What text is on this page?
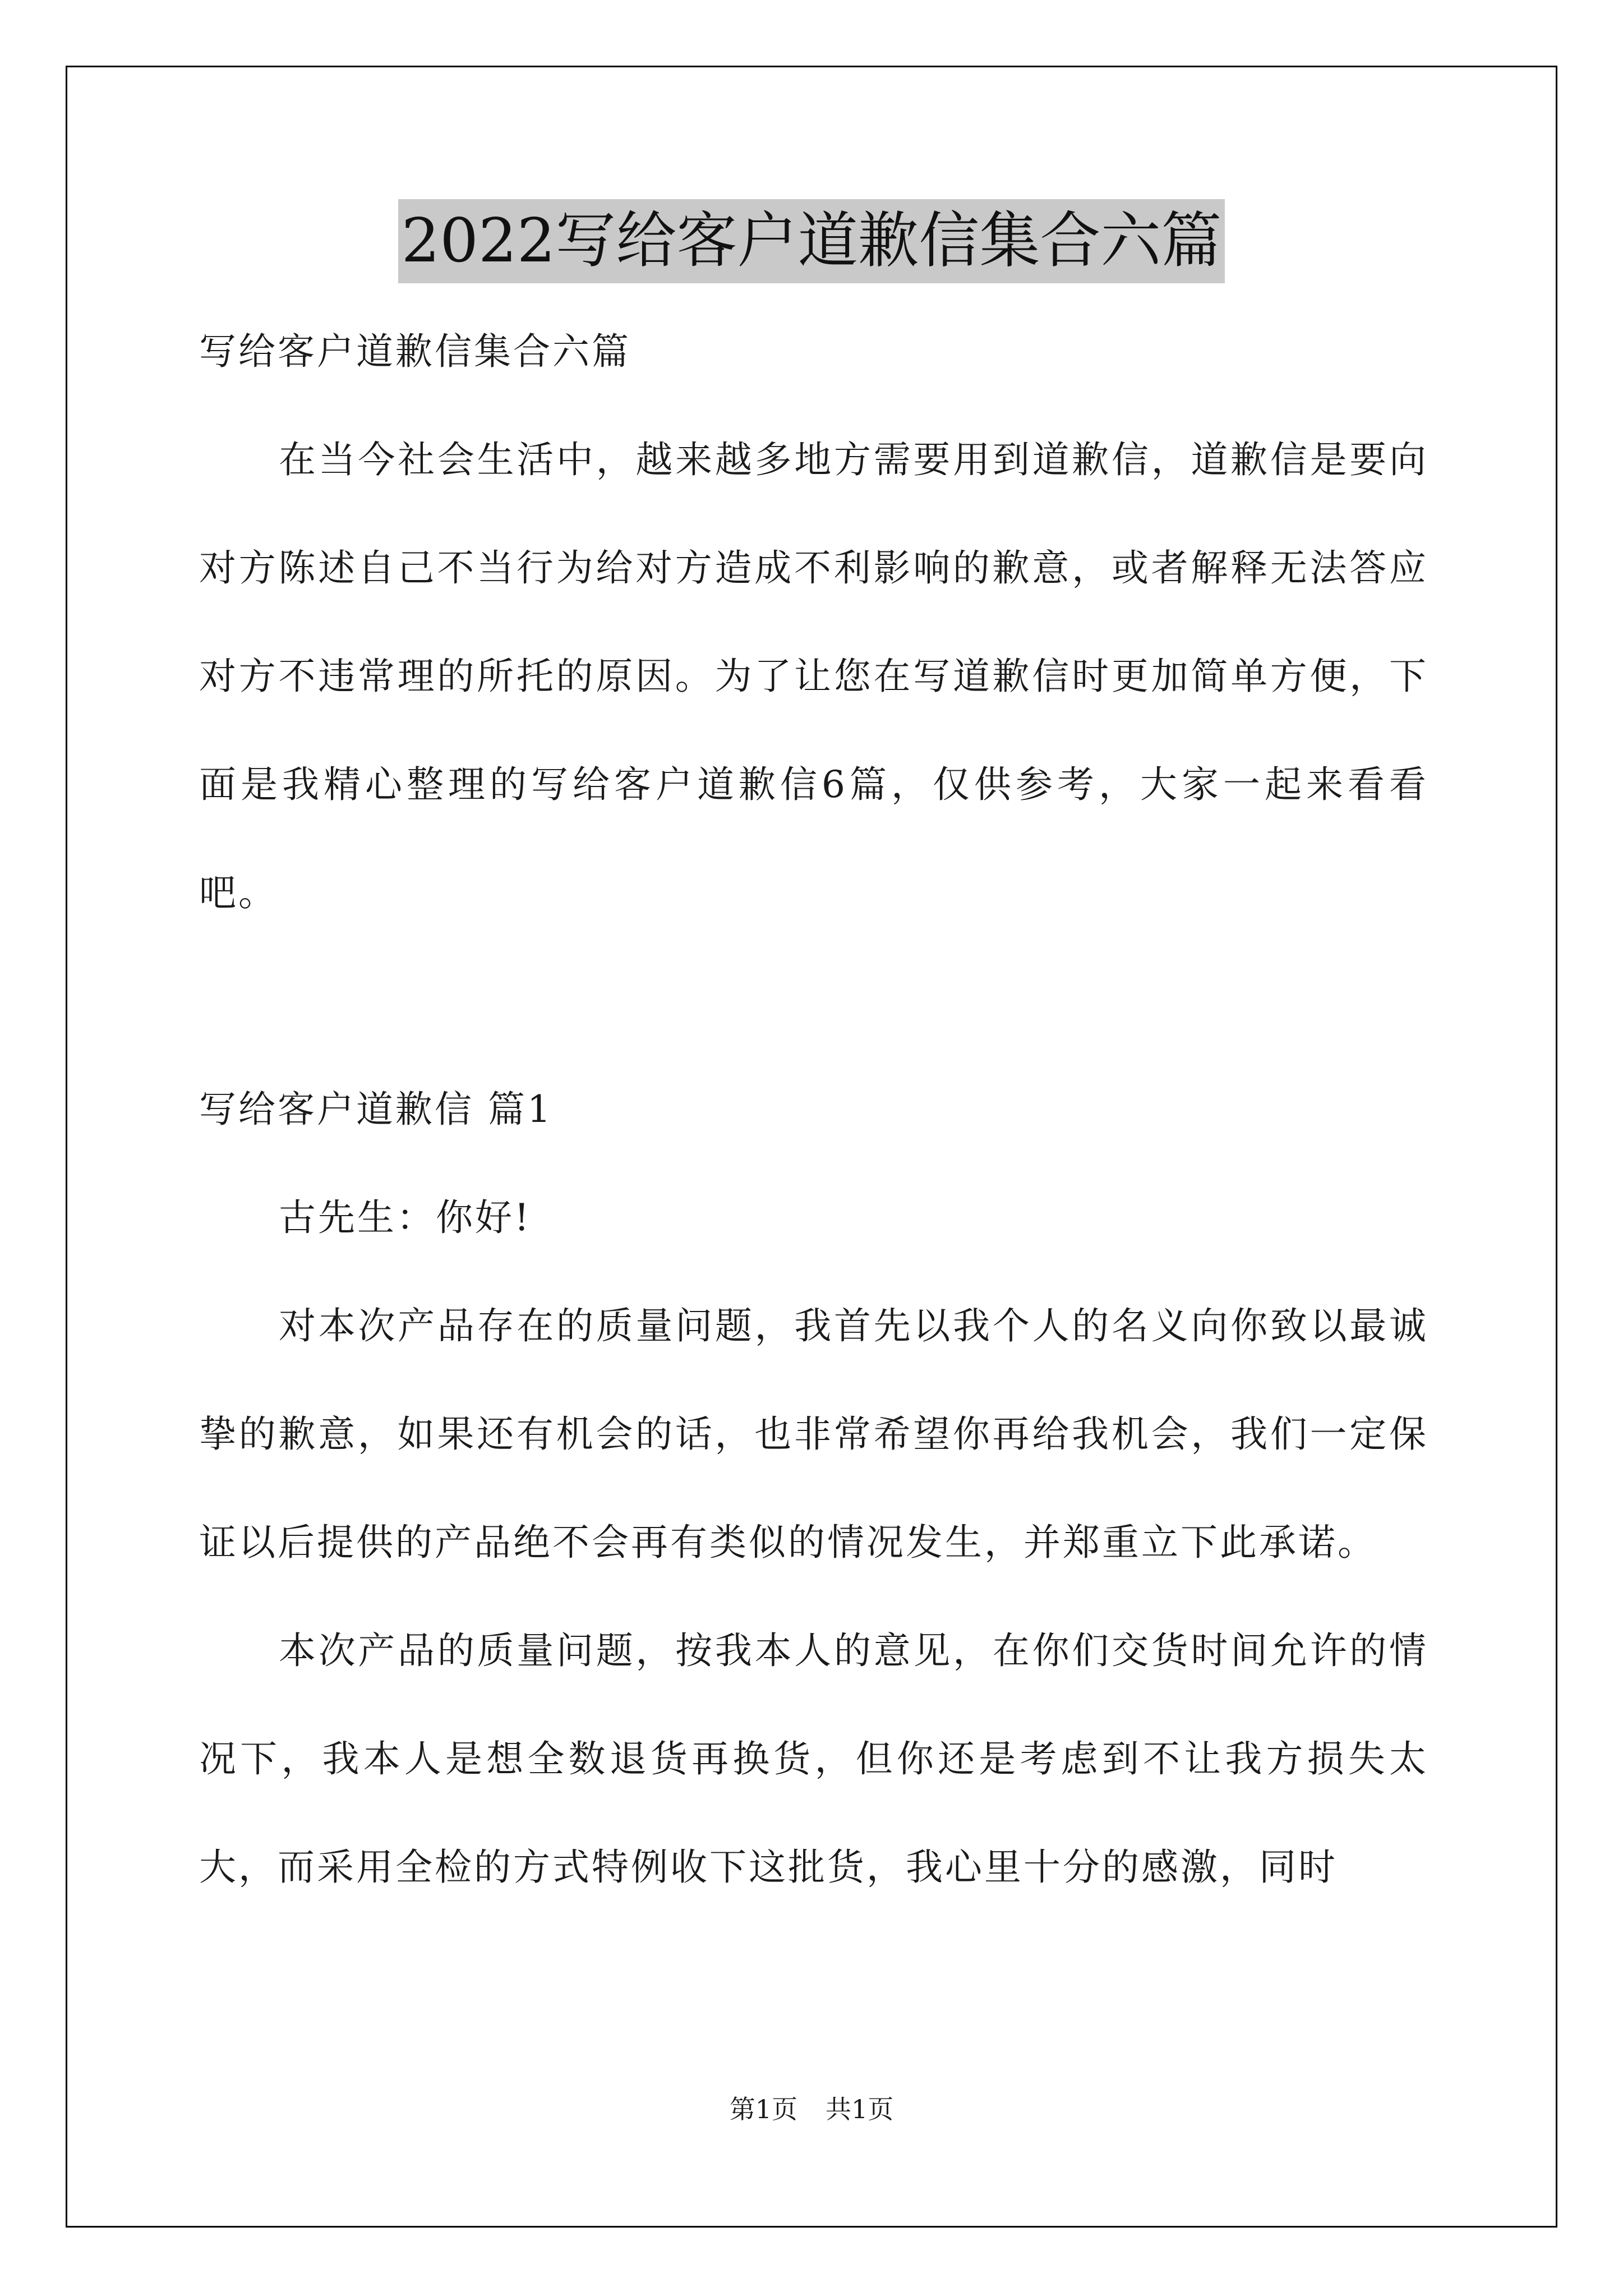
2022写给客户道歉信集合六篇

写给客户道歉信集合六篇

在当今社会生活中，越来越多地方需要用到道歉信，道歉信是要向对方陈述自己不当行为给对方造成不利影响的歉意，或者解释无法答应对方不违常理的所托的原因。为了让您在写道歉信时更加简单方便，下面是我精心整理的写给客户道歉信6篇，仅供参考，大家一起来看看吧。

写给客户道歉信 篇1

古先生：你好!

对本次产品存在的质量问题，我首先以我个人的名义向你致以最诚挚的歉意，如果还有机会的话，也非常希望你再给我机会，我们一定保证以后提供的产品绝不会再有类似的情况发生，并郑重立下此承诺。

本次产品的质量问题，按我本人的意见，在你们交货时间允许的情况下，我本人是想全数退货再换货，但你还是考虑到不让我方损失太大，而采用全检的方式特例收下这批货，我心里十分的感激，同时

第1页 共1页
